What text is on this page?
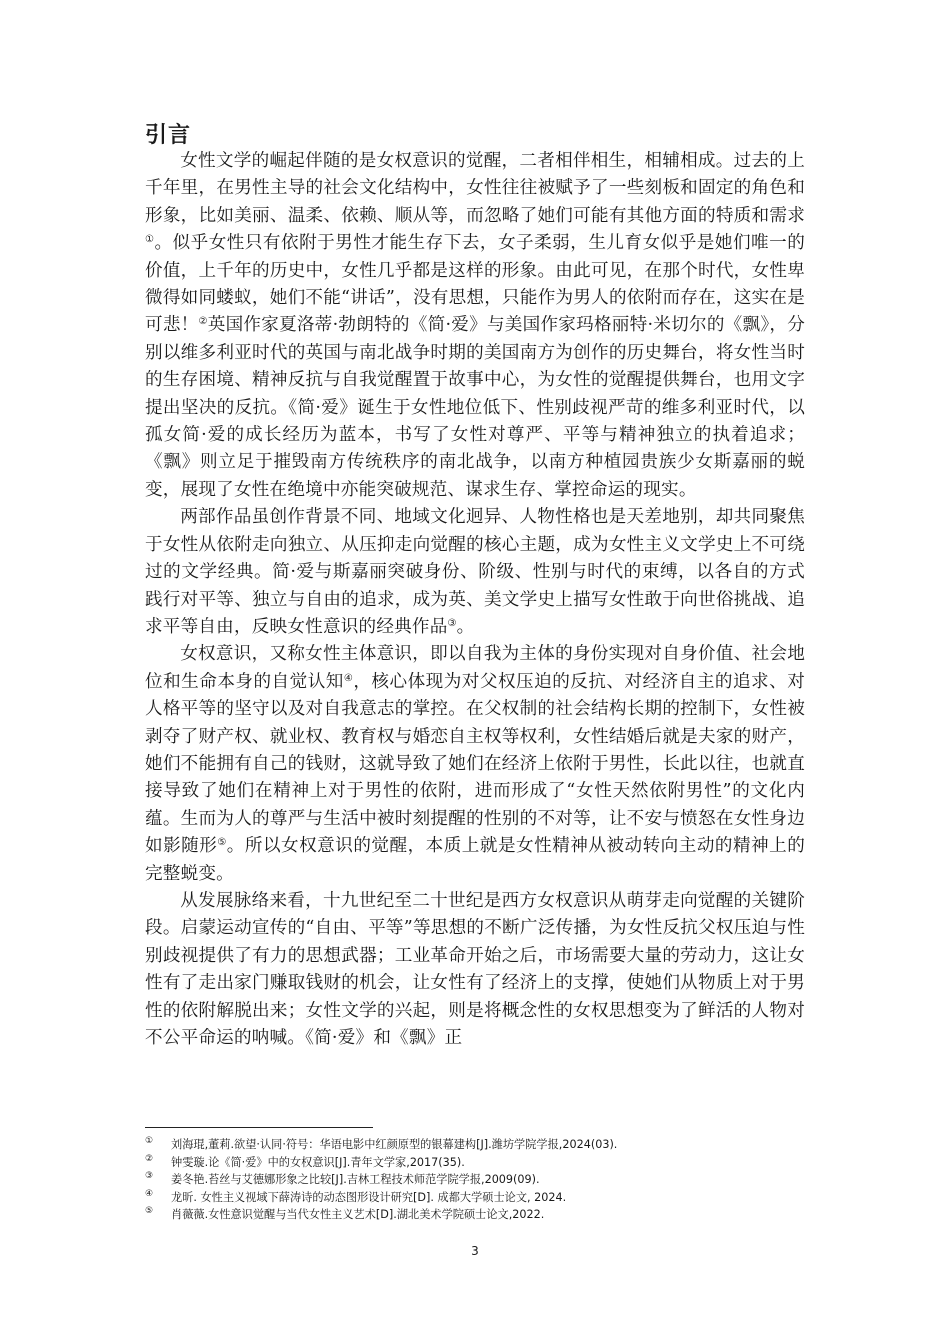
引言

女性文学的崛起伴随的是女权意识的觉醒，二者相伴相生，相辅相成。过去的上千年里，在男性主导的社会文化结构中，女性往往被赋予了一些刻板和固定的角色和形象，比如美丽、温柔、依赖、顺从等，而忽略了她们可能有其他方面的特质和需求①。似乎女性只有依附于男性才能生存下去，女子柔弱，生儿育女似乎是她们唯一的价值，上千年的历史中，女性几乎都是这样的形象。由此可见，在那个时代，女性卑微得如同蝼蚁，她们不能“讲话”，没有思想，只能作为男人的依附而存在，这实在是可悲！②英国作家夏洛蒂·勃朗特的《简·爱》与美国作家玛格丽特·米切尔的《飘》，分别以维多利亚时代的英国与南北战争时期的美国南方为创作的历史舞台，将女性当时的生存困境、精神反抗与自我觉醒置于故事中心，为女性的觉醒提供舞台，也用文字提出坚决的反抗。《简·爱》诞生于女性地位低下、性别歧视严苛的维多利亚时代，以孤女简·爱的成长经历为蓝本，书写了女性对尊严、平等与精神独立的执着追求；《飘》则立足于摧毁南方传统秩序的南北战争，以南方种植园贵族少女斯嘉丽的蜕变，展现了女性在绝境中亦能突破规范、谋求生存、掌控命运的现实。

两部作品虽创作背景不同、地域文化迥异、人物性格也是天差地别，却共同聚焦于女性从依附走向独立、从压抑走向觉醒的核心主题，成为女性主义文学史上不可绕过的文学经典。简·爱与斯嘉丽突破身份、阶级、性别与时代的束缚，以各自的方式践行对平等、独立与自由的追求，成为英、美文学史上描写女性敢于向世俗挑战、追求平等自由，反映女性意识的经典作品③。

女权意识，又称女性主体意识，即以自我为主体的身份实现对自身价值、社会地位和生命本身的自觉认知④，核心体现为对父权压迫的反抗、对经济自主的追求、对人格平等的坚守以及对自我意志的掌控。在父权制的社会结构长期的控制下，女性被剥夺了财产权、就业权、教育权与婚恋自主权等权利，女性结婚后就是夫家的财产，她们不能拥有自己的钱财，这就导致了她们在经济上依附于男性，长此以往，也就直接导致了她们在精神上对于男性的依附，进而形成了“女性天然依附男性”的文化内蕴。生而为人的尊严与生活中被时刻提醒的性别的不对等，让不安与愤怒在女性身边如影随形⑤。所以女权意识的觉醒，本质上就是女性精神从被动转向主动的精神上的完整蜕变。

从发展脉络来看，十九世纪至二十世纪是西方女权意识从萌芽走向觉醒的关键阶段。启蒙运动宣传的“自由、平等”等思想的不断广泛传播，为女性反抗父权压迫与性别歧视提供了有力的思想武器；工业革命开始之后，市场需要大量的劳动力，这让女性有了走出家门赚取钱财的机会，让女性有了经济上的支撑，使她们从物质上对于男性的依附解脱出来；女性文学的兴起，则是将概念性的女权思想变为了鲜活的人物对不公平命运的呐喊。《简·爱》和《飘》正

①	刘海琨,董莉.欲望·认同·符号：华语电影中红颜原型的银幕建构[J].潍坊学院学报,2024(03).
②	钟雯璇.论《简·爱》中的女权意识[J].青年文学家,2017(35).
③	姜冬艳.苔丝与艾德娜形象之比较[J].吉林工程技术师范学院学报,2009(09).
④	龙昕. 女性主义视域下薛涛诗的动态图形设计研究[D]. 成都大学硕士论文, 2024.
⑤	肖薇薇.女性意识觉醒与当代女性主义艺术[D].湖北美术学院硕士论文,2022.
3
